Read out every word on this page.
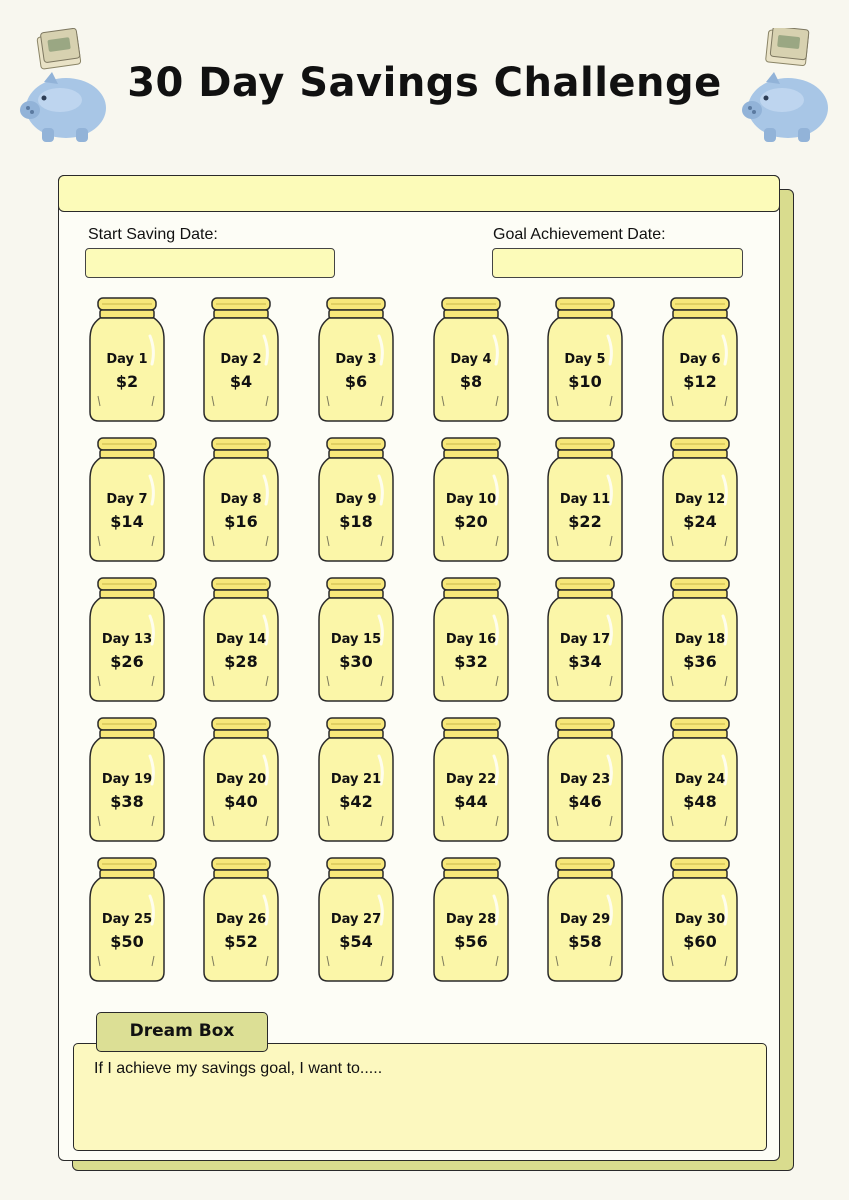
30 Day Savings Challenge
Start Saving Date:	Goal Achievement Date:
Day 1
$2
Day 2
$4
Day 3
$6
Day 4
$8
Day 5
$10
Day 6
$12
Day 7
$14
Day 8
$16
Day 9
$18
Day 10
$20
Day 11
$22
Day 12
$24
Day 13
$26
Day 14
$28
Day 15
$30
Day 16
$32
Day 17
$34
Day 18
$36
Day 19
$38
Day 20
$40
Day 21
$42
Day 22
$44
Day 23
$46
Day 24
$48
Day 25
$50
Day 26
$52
Day 27
$54
Day 28
$56
Day 29
$58
Day 30
$60
Dream Box
If I achieve my savings goal, I want to.....
